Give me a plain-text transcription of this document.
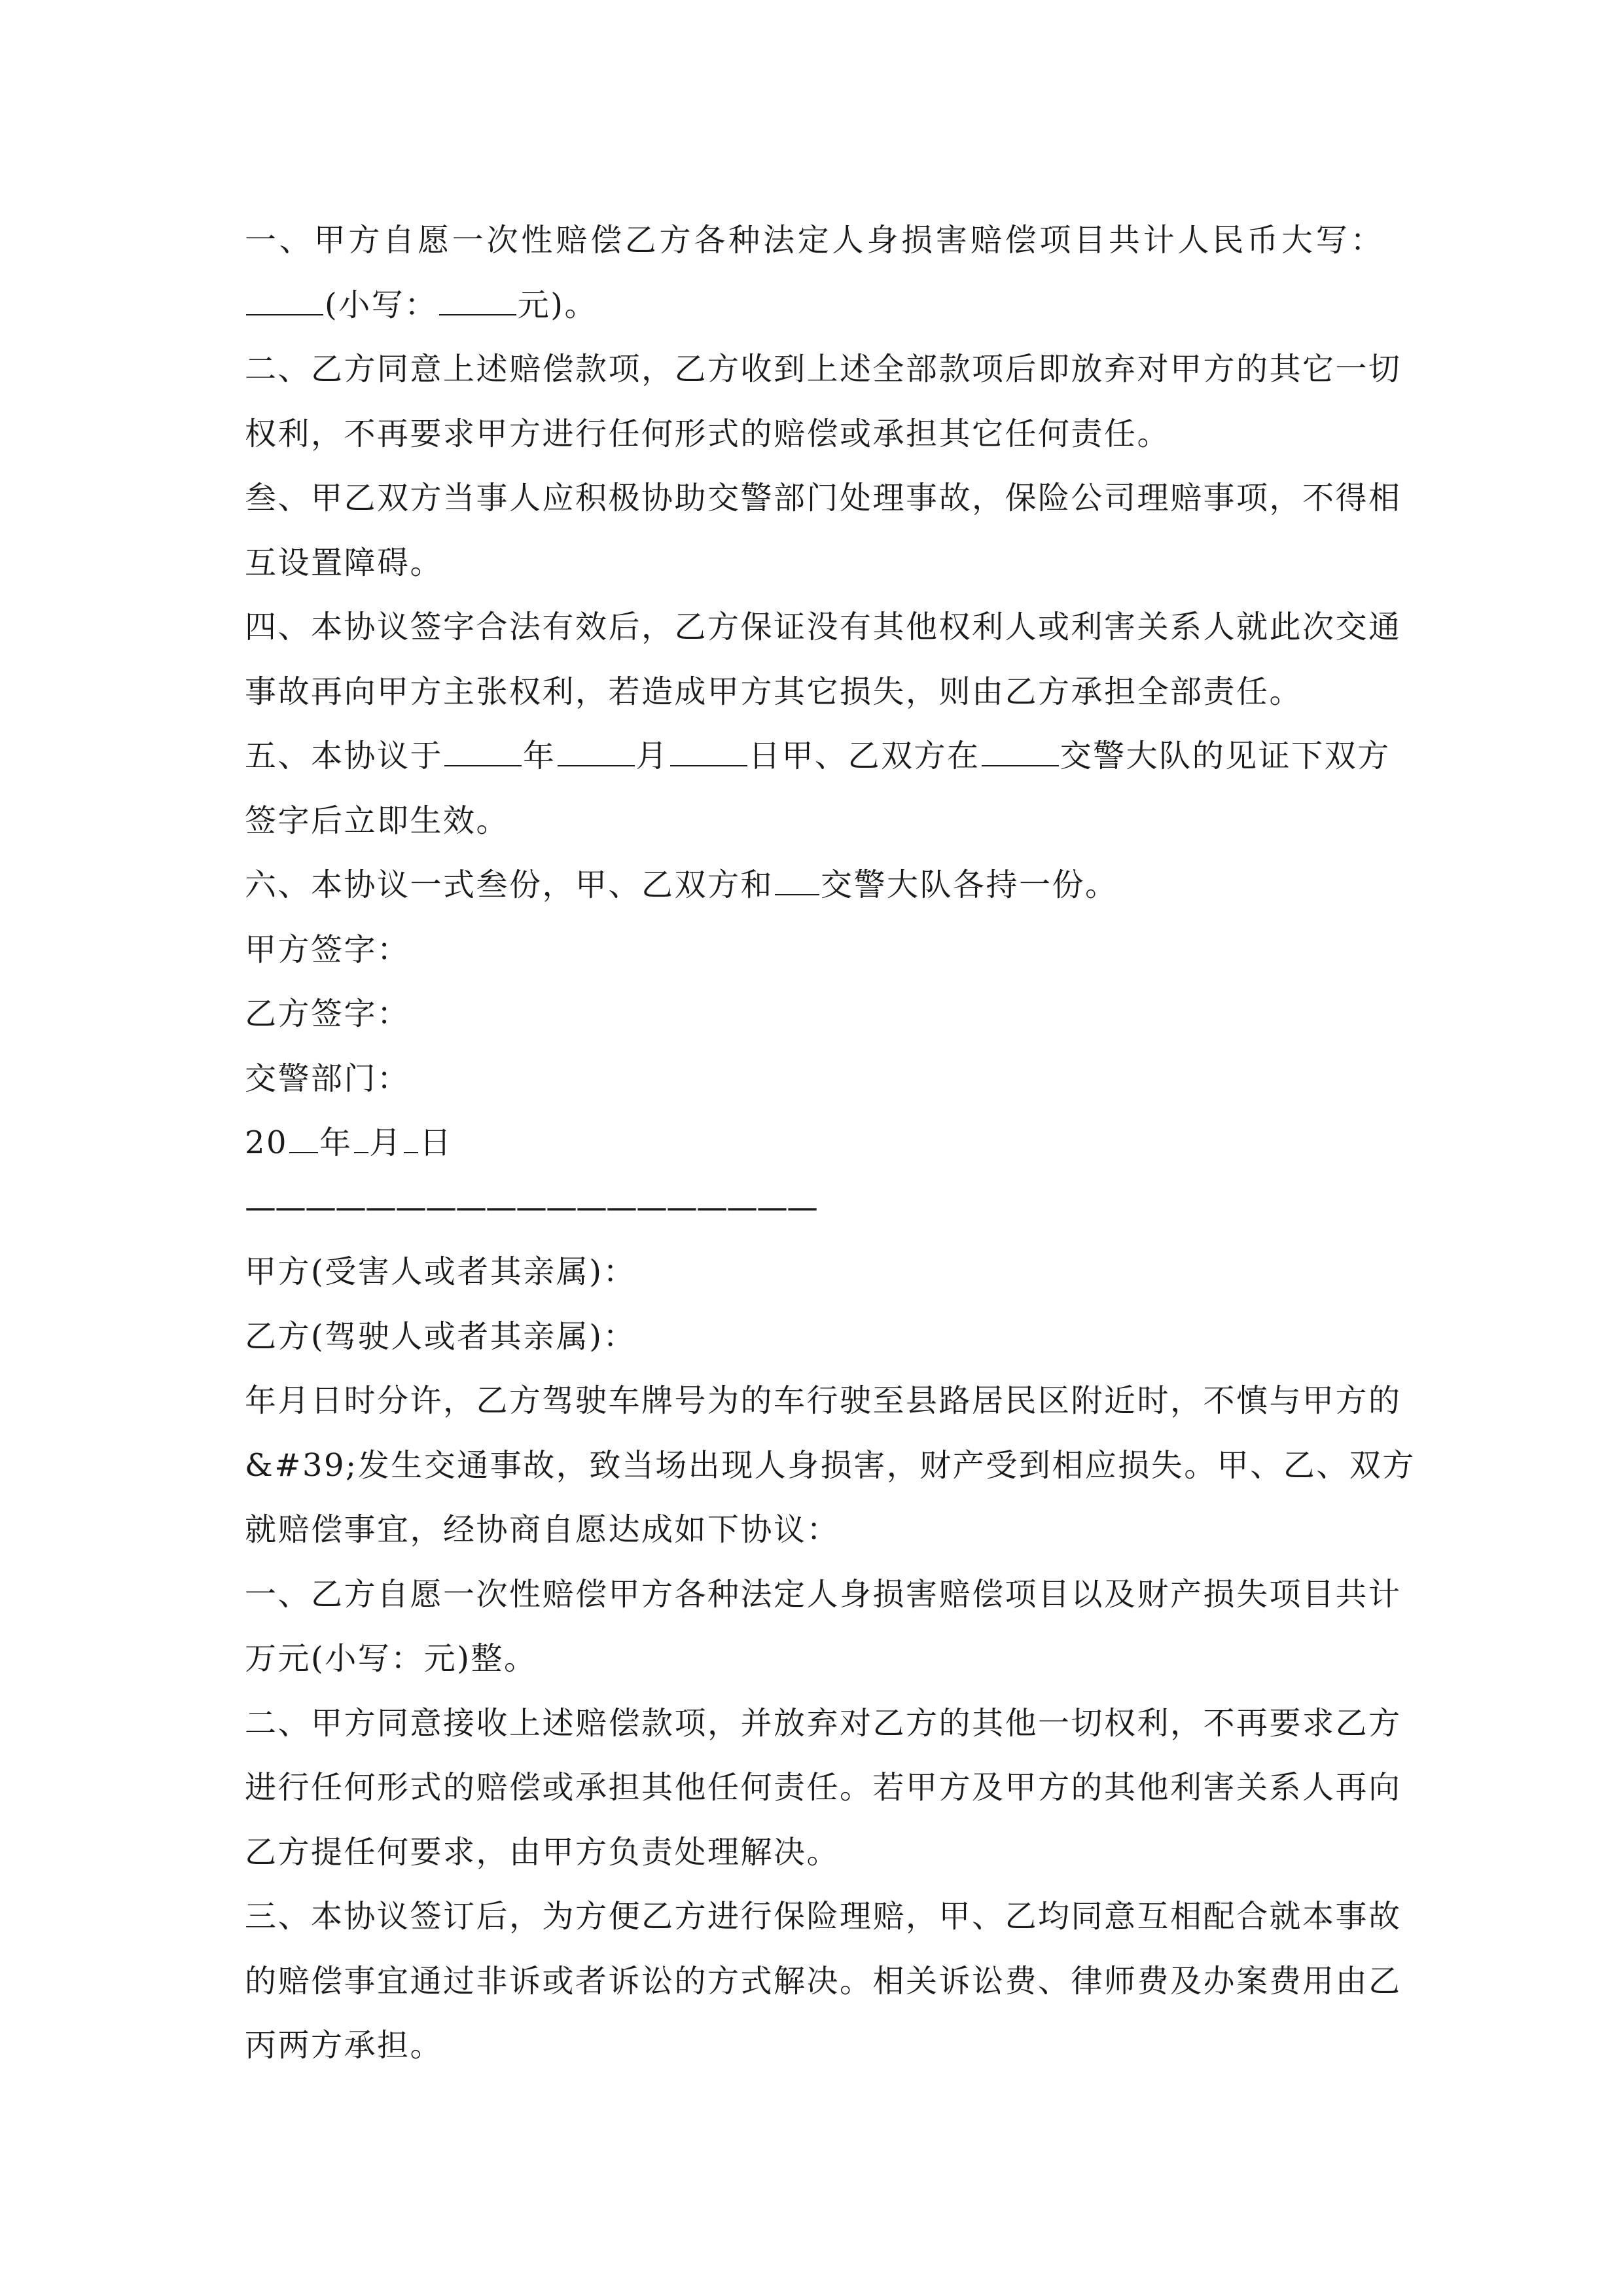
一、甲方自愿一次性赔偿乙方各种法定人身损害赔偿项目共计人民币大写：
(小写：	元)。
二、乙方同意上述赔偿款项，乙方收到上述全部款项后即放弃对甲方的其它一切
权利，不再要求甲方进行任何形式的赔偿或承担其它任何责任。
叁、甲乙双方当事人应积极协助交警部门处理事故，保险公司理赔事项，不得相
互设置障碍。
四、本协议签字合法有效后，乙方保证没有其他权利人或利害关系人就此次交通
事故再向甲方主张权利，若造成甲方其它损失，则由乙方承担全部责任。
五、本协议于	年	月	日甲、乙双方在	交警大队的见证下双方
签字后立即生效。
六、本协议一式叁份，甲、乙双方和 交警大队各持一份。
甲方签字：
乙方签字：
交警部门：
20 年 月 日
———————————————————
甲方(受害人或者其亲属)：
乙方(驾驶人或者其亲属)：
年月日时分许，乙方驾驶车牌号为的车行驶至县路居民区附近时，不慎与甲方的
&#39;发生交通事故，致当场出现人身损害，财产受到相应损失。甲、乙、双方
就赔偿事宜，经协商自愿达成如下协议：
一、乙方自愿一次性赔偿甲方各种法定人身损害赔偿项目以及财产损失项目共计
万元(小写：元)整。
二、甲方同意接收上述赔偿款项，并放弃对乙方的其他一切权利，不再要求乙方
进行任何形式的赔偿或承担其他任何责任。若甲方及甲方的其他利害关系人再向
乙方提任何要求，由甲方负责处理解决。
三、本协议签订后，为方便乙方进行保险理赔，甲、乙均同意互相配合就本事故
的赔偿事宜通过非诉或者诉讼的方式解决。相关诉讼费、律师费及办案费用由乙
丙两方承担。
